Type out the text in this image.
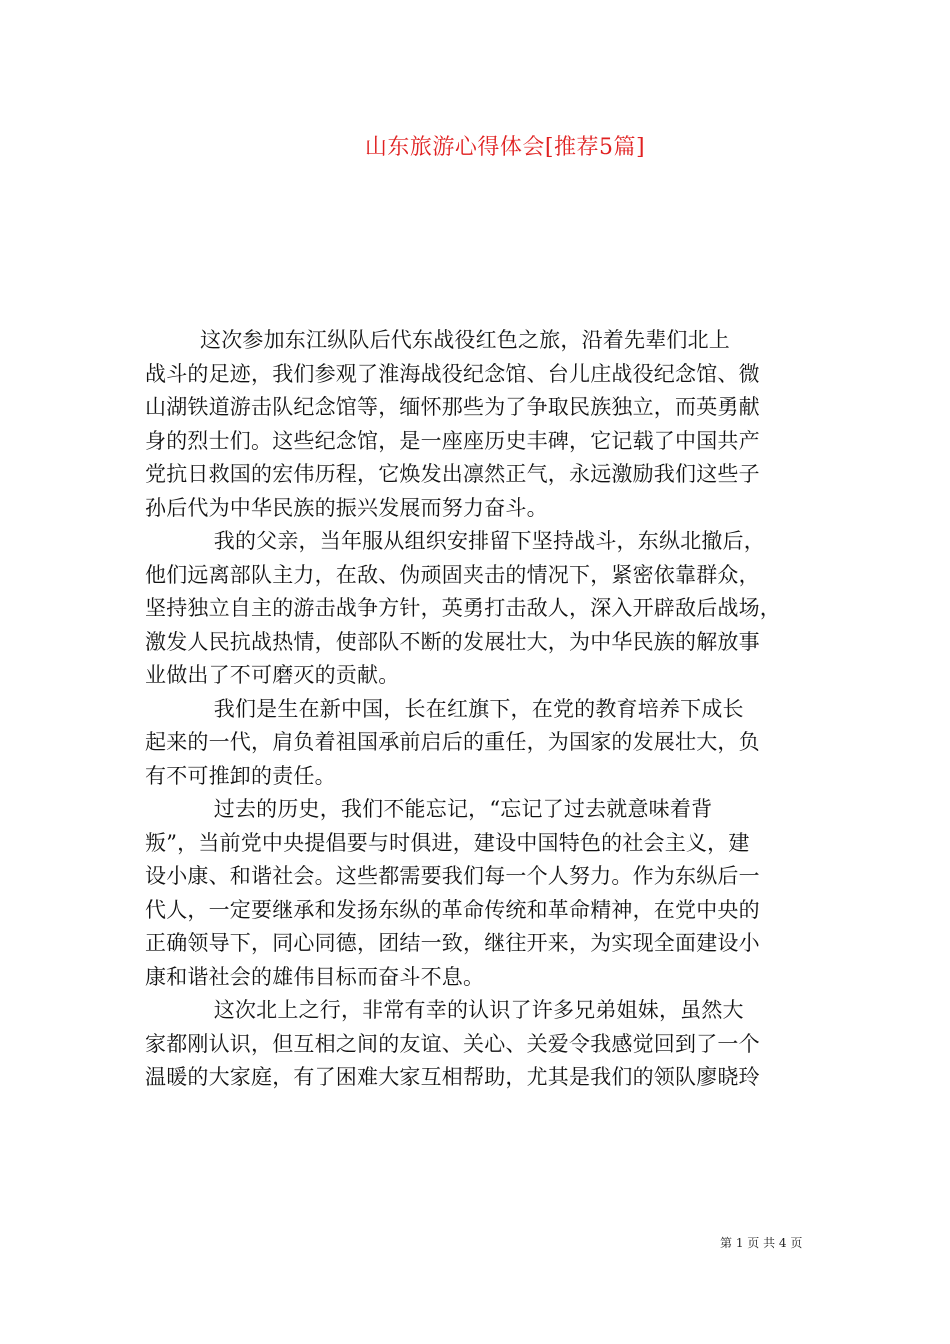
山东旅游心得体会[推荐5篇]
这次参加东江纵队后代东战役红色之旅，沿着先辈们北上
战斗的足迹，我们参观了淮海战役纪念馆、台儿庄战役纪念馆、微
山湖铁道游击队纪念馆等，缅怀那些为了争取民族独立，而英勇献
身的烈士们。这些纪念馆，是一座座历史丰碑，它记载了中国共产
党抗日救国的宏伟历程，它焕发出凛然正气，永远激励我们这些子
孙后代为中华民族的振兴发展而努力奋斗。
我的父亲，当年服从组织安排留下坚持战斗，东纵北撤后，
他们远离部队主力，在敌、伪顽固夹击的情况下，紧密依靠群众，
坚持独立自主的游击战争方针，英勇打击敌人，深入开辟敌后战场，
激发人民抗战热情，使部队不断的发展壮大，为中华民族的解放事
业做出了不可磨灭的贡献。
我们是生在新中国，长在红旗下，在党的教育培养下成长
起来的一代，肩负着祖国承前启后的重任，为国家的发展壮大，负
有不可推卸的责任。
过去的历史，我们不能忘记，“忘记了过去就意味着背
叛”，当前党中央提倡要与时俱进，建设中国特色的社会主义，建
设小康、和谐社会。这些都需要我们每一个人努力。作为东纵后一
代人，一定要继承和发扬东纵的革命传统和革命精神，在党中央的
正确领导下，同心同德，团结一致，继往开来，为实现全面建设小
康和谐社会的雄伟目标而奋斗不息。
这次北上之行，非常有幸的认识了许多兄弟姐妹，虽然大
家都刚认识，但互相之间的友谊、关心、关爱令我感觉回到了一个
温暖的大家庭，有了困难大家互相帮助，尤其是我们的领队廖晓玲
第 1 页 共 4 页
